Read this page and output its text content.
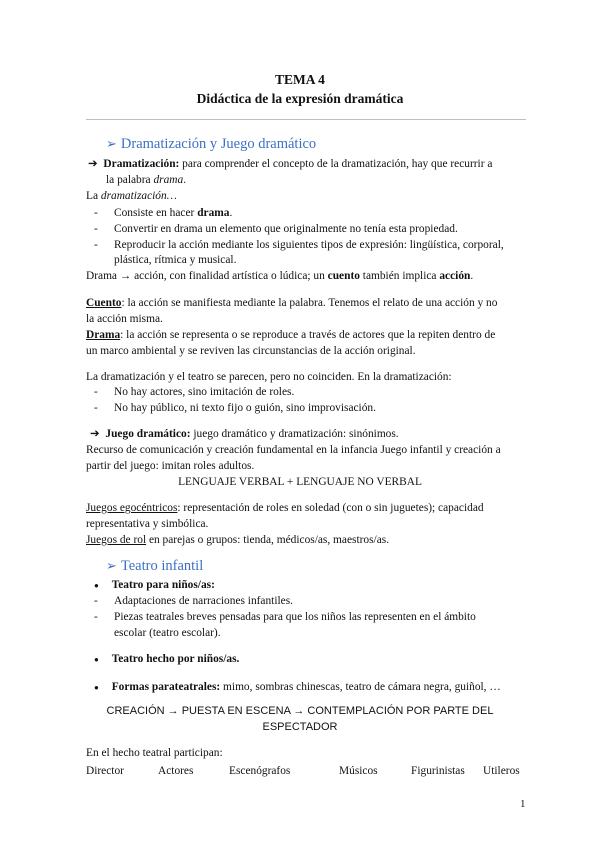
TEMA 4
Didáctica de la expresión dramática
➢ Dramatización y Juego dramático
➔ Dramatización: para comprender el concepto de la dramatización, hay que recurrir a
la palabra drama.
La dramatización…
- Consiste en hacer drama.
- Convertir en drama un elemento que originalmente no tenía esta propiedad.
- Reproducir la acción mediante los siguientes tipos de expresión: lingüística, corporal,
plástica, rítmica y musical.
Drama → acción, con finalidad artística o lúdica; un cuento también implica acción.
Cuento: la acción se manifiesta mediante la palabra. Tenemos el relato de una acción y no
la acción misma.
Drama: la acción se representa o se reproduce a través de actores que la repiten dentro de
un marco ambiental y se reviven las circunstancias de la acción original.
La dramatización y el teatro se parecen, pero no coinciden. En la dramatización:
- No hay actores, sino imitación de roles.
- No hay público, ni texto fijo o guión, sino improvisación.
➔ Juego dramático: juego dramático y dramatización: sinónimos.
Recurso de comunicación y creación fundamental en la infancia Juego infantil y creación a
partir del juego: imitan roles adultos.
LENGUAJE VERBAL + LENGUAJE NO VERBAL
Juegos egocéntricos: representación de roles en soledad (con o sin juguetes); capacidad
representativa y simbólica.
Juegos de rol en parejas o grupos: tienda, médicos/as, maestros/as.
➢ Teatro infantil
● Teatro para niños/as:
- Adaptaciones de narraciones infantiles.
- Piezas teatrales breves pensadas para que los niños las representen en el ámbito
escolar (teatro escolar).
● Teatro hecho por niños/as.
● Formas parateatrales: mimo, sombras chinescas, teatro de cámara negra, guiñol, …
CREACIÓN → PUESTA EN ESCENA → CONTEMPLACIÓN POR PARTE DEL
ESPECTADOR
En el hecho teatral participan:
Director	Actores	Escenógrafos	Músicos	Figurinistas Utileros
1
